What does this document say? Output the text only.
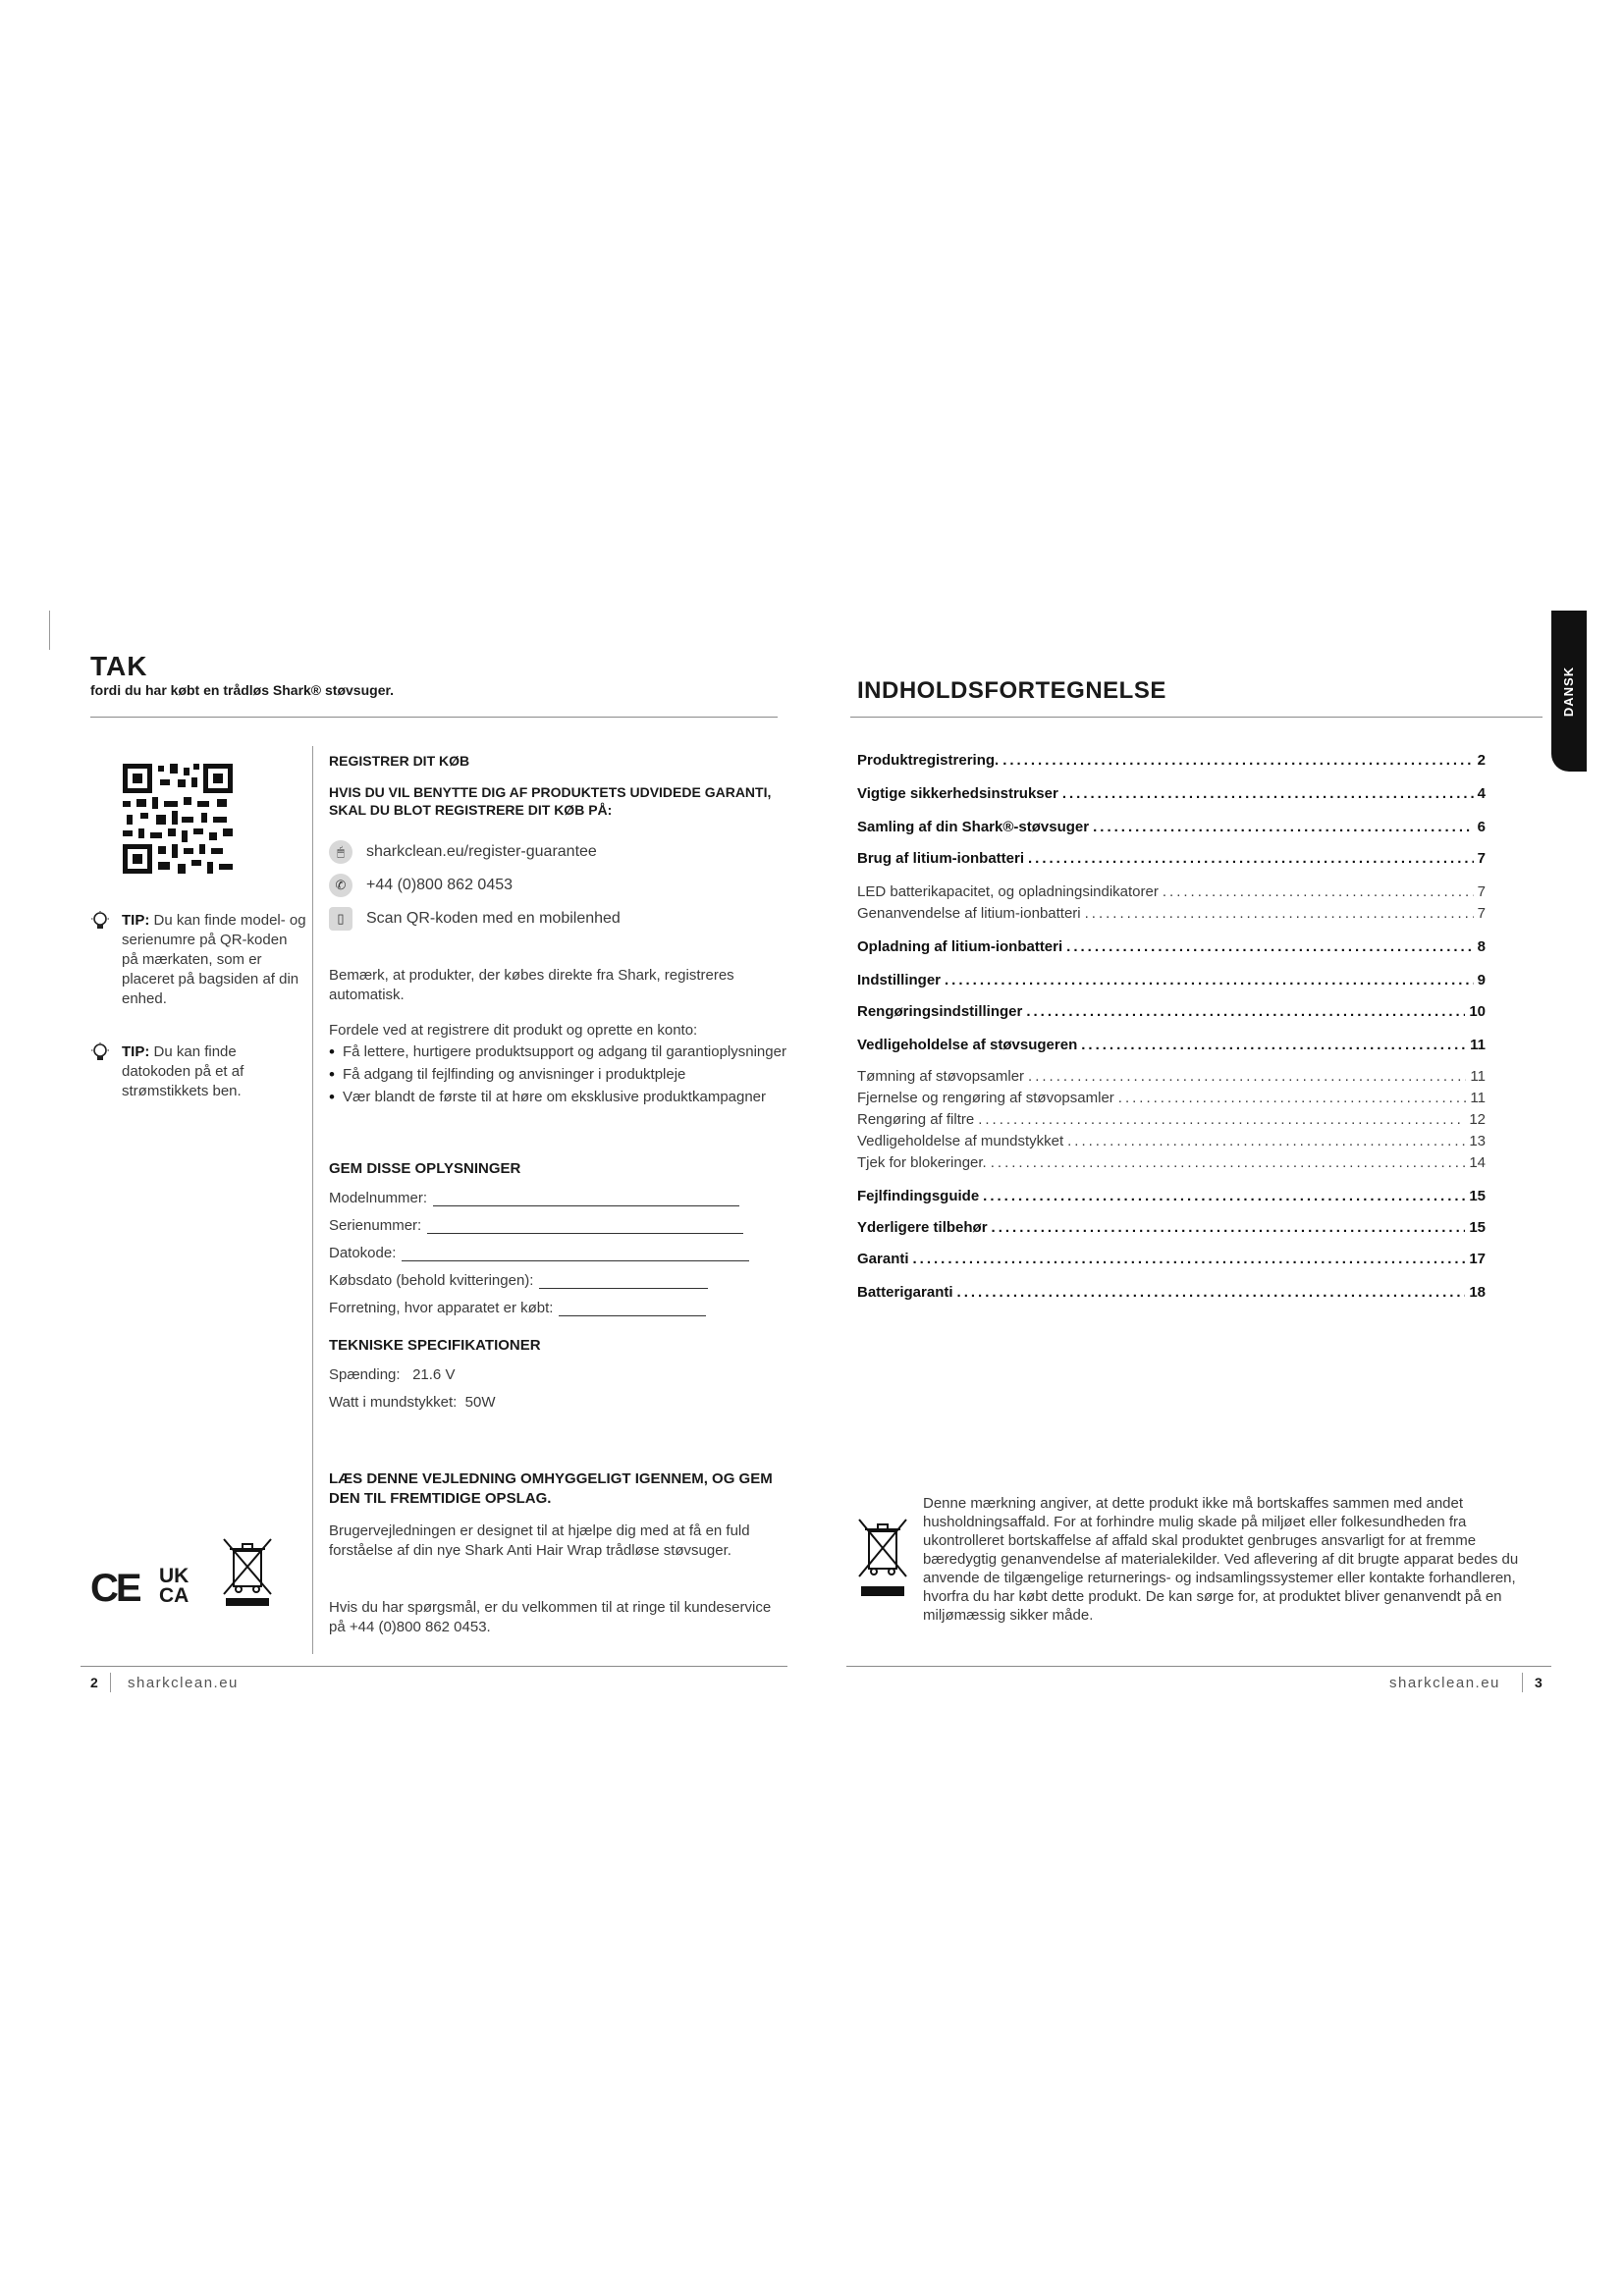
TAK
fordi du har købt en trådløs Shark® støvsuger.
TIP: Du kan finde model- og serienumre på QR-koden på mærkaten, som er placeret på bagsiden af din enhed.
TIP: Du kan finde datokoden på et af strømstikkets ben.
REGISTRER DIT KØB
HVIS DU VIL BENYTTE DIG AF PRODUKTETS UDVIDEDE GARANTI, SKAL DU BLOT REGISTRERE DIT KØB PÅ:
🖱	sharkclean.eu/register-guarantee
✆	+44 (0)800 862 0453
▯	Scan QR-koden med en mobilenhed
Bemærk, at produkter, der købes direkte fra Shark, registreres automatisk.
Fordele ved at registrere dit produkt og oprette en konto:
• Få lettere, hurtigere produktsupport og adgang til garantioplysninger
• Få adgang til fejlfinding og anvisninger i produktpleje
• Vær blandt de første til at høre om eksklusive produktkampagner
GEM DISSE OPLYSNINGER
Modelnummer:
Serienummer:
Datokode:
Købsdato (behold kvitteringen):
Forretning, hvor apparatet er købt:
TEKNISKE SPECIFIKATIONER
Spænding: 21.6 V
Watt i mundstykket: 50W
LÆS DENNE VEJLEDNING OMHYGGELIGT IGENNEM, OG GEM DEN TIL FREMTIDIGE OPSLAG.
Brugervejledningen er designet til at hjælpe dig med at få en fuld forståelse af din nye Shark Anti Hair Wrap trådløse støvsuger.
Hvis du har spørgsmål, er du velkommen til at ringe til kundeservice på +44 (0)800 862 0453.
CE UK
CA
2 sharkclean.eu
DANSK
INDHOLDSFORTEGNELSE
Produktregistrering. .....	2
Vigtige sikkerhedsinstrukser .....	4
Samling af din Shark®-støvsuger .....	6
Brug af litium-ionbatteri .....	7
LED batterikapacitet, og opladningsindikatorer .....	7
Genanvendelse af litium-ionbatteri .....	7
Opladning af litium-ionbatteri .....	8
Indstillinger .....	9
Rengøringsindstillinger .....	10
Vedligeholdelse af støvsugeren .....	11
Tømning af støvopsamler .....	11
Fjernelse og rengøring af støvopsamler .....	11
Rengøring af filtre .....	12
Vedligeholdelse af mundstykket .....	13
Tjek for blokeringer. .....	14
Fejlfindingsguide .....	15
Yderligere tilbehør .....	15
Garanti .....	17
Batterigaranti .....	18
Denne mærkning angiver, at dette produkt ikke må bortskaffes sammen med andet husholdningsaffald. For at forhindre mulig skade på miljøet eller folkesundheden fra ukontrolleret bortskaffelse af affald skal produktet genbruges ansvarligt for at fremme bæredygtig genanvendelse af materialekilder. Ved aflevering af dit brugte apparat bedes du anvende de tilgængelige returnerings- og indsamlingssystemer eller kontakte forhandleren, hvorfra du har købt dette produkt. De kan sørge for, at produktet bliver genanvendt på en miljømæssig sikker måde.
sharkclean.eu	3
